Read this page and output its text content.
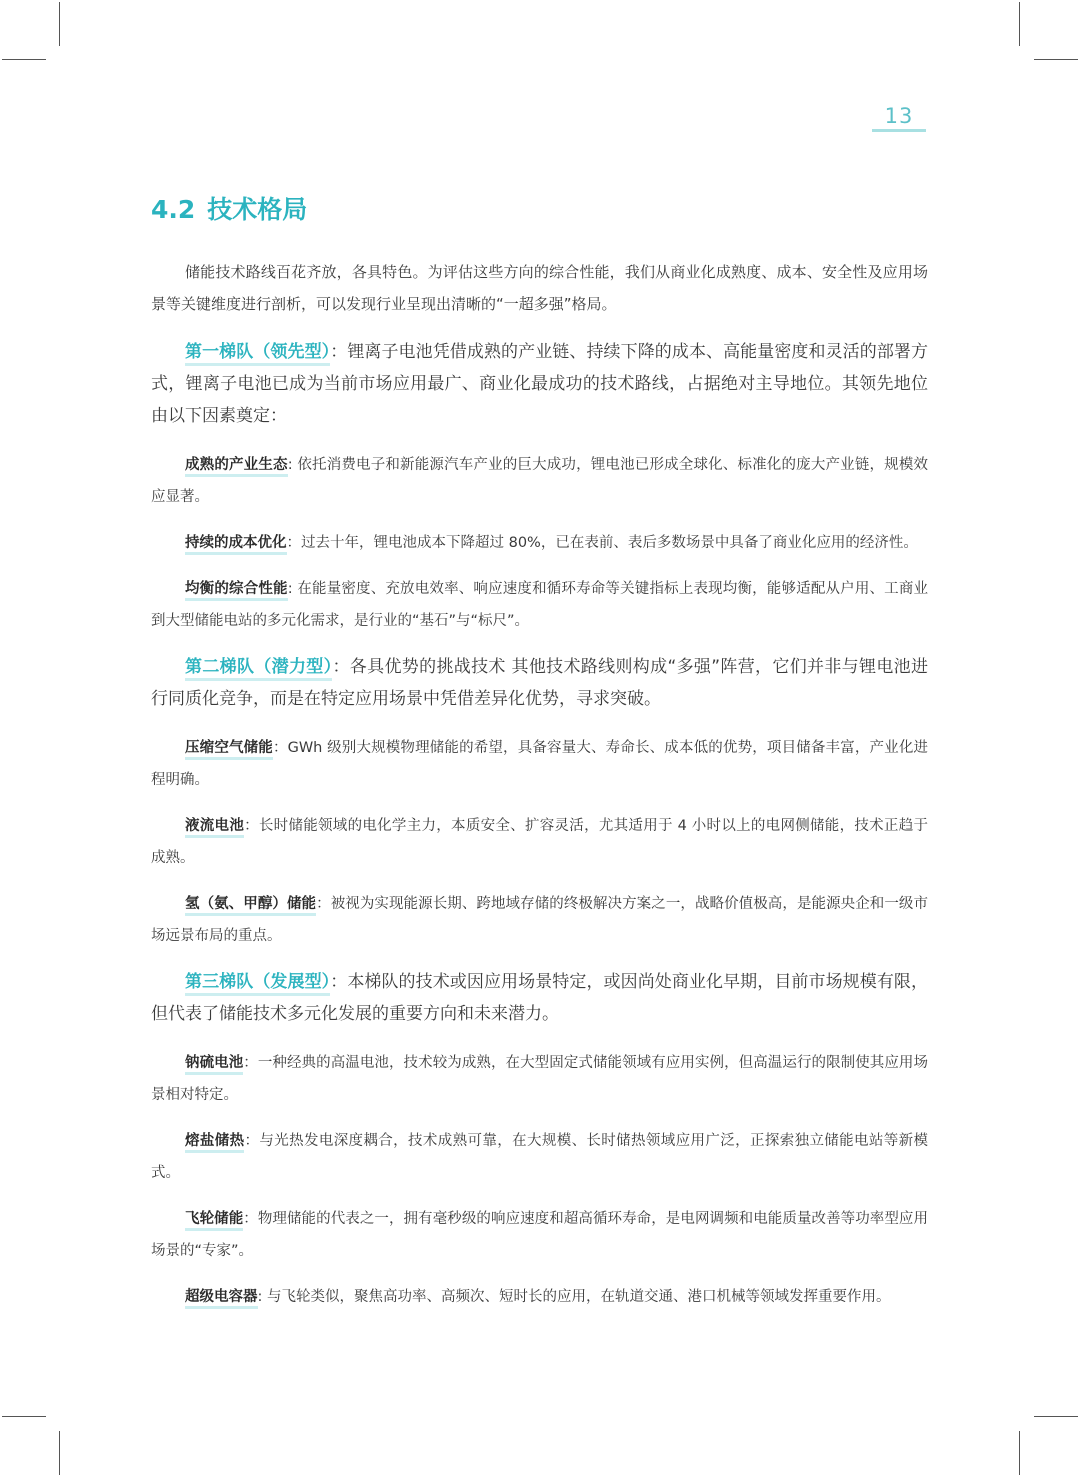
13
4.2 技术格局

储能技术路线百花齐放，各具特色。为评估这些方向的综合性能，我们从商业化成熟度、成本、安全性及应用场景等关键维度进行剖析，可以发现行业呈现出清晰的“一超多强”格局。

第一梯队（领先型）：锂离子电池凭借成熟的产业链、持续下降的成本、高能量密度和灵活的部署方式，锂离子电池已成为当前市场应用最广、商业化最成功的技术路线，占据绝对主导地位。其领先地位由以下因素奠定：

成熟的产业生态: 依托消费电子和新能源汽车产业的巨大成功，锂电池已形成全球化、标准化的庞大产业链，规模效应显著。

持续的成本优化：过去十年，锂电池成本下降超过 80%，已在表前、表后多数场景中具备了商业化应用的经济性。

均衡的综合性能: 在能量密度、充放电效率、响应速度和循环寿命等关键指标上表现均衡，能够适配从户用、工商业到大型储能电站的多元化需求，是行业的“基石”与“标尺”。

第二梯队（潜力型）：各具优势的挑战技术 其他技术路线则构成“多强”阵营，它们并非与锂电池进行同质化竞争，而是在特定应用场景中凭借差异化优势，寻求突破。

压缩空气储能：GWh 级别大规模物理储能的希望，具备容量大、寿命长、成本低的优势，项目储备丰富，产业化进程明确。

液流电池：长时储能领域的电化学主力，本质安全、扩容灵活，尤其适用于 4 小时以上的电网侧储能，技术正趋于成熟。

氢（氨、甲醇）储能：被视为实现能源长期、跨地域存储的终极解决方案之一，战略价值极高，是能源央企和一级市场远景布局的重点。

第三梯队（发展型）：本梯队的技术或因应用场景特定，或因尚处商业化早期，目前市场规模有限，但代表了储能技术多元化发展的重要方向和未来潜力。

钠硫电池：一种经典的高温电池，技术较为成熟，在大型固定式储能领域有应用实例，但高温运行的限制使其应用场景相对特定。

熔盐储热：与光热发电深度耦合，技术成熟可靠，在大规模、长时储热领域应用广泛，正探索独立储能电站等新模式。

飞轮储能：物理储能的代表之一，拥有毫秒级的响应速度和超高循环寿命，是电网调频和电能质量改善等功率型应用场景的“专家”。

超级电容器: 与飞轮类似，聚焦高功率、高频次、短时长的应用，在轨道交通、港口机械等领域发挥重要作用。
